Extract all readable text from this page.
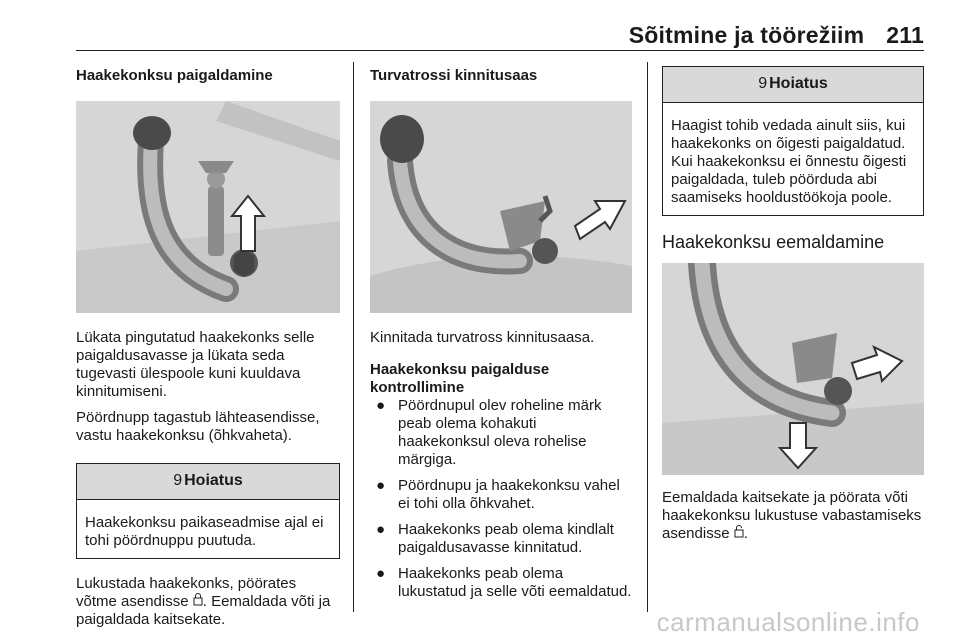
Sõitmine ja töörežiim 211
Haakekonksu paigaldamine

Lükata pingutatud haakekonks selle paigaldusavasse ja lükata seda tugevasti ülespoole kuni kuuldava kinnitumiseni.

Pöördnupp tagastub lähteasendisse, vastu haakekonksu (õhkvaheta).

9 Hoiatus
Haakekonksu paikaseadmise ajal ei tohi pöördnuppu puutuda.

Lukustada haakekonks, pöörates võtme asendisse . Eemaldada võti ja paigaldada kaitsekate.

Turvatrossi kinnitusaas

Kinnitada turvatross kinnitusaasa.

Haakekonksu paigalduse kontrollimine
● Pöördnupul olev roheline märk peab olema kohakuti haakekonksul oleva rohelise märgiga.
● Pöördnupu ja haakekonksu vahel ei tohi olla õhkvahet.
● Haakekonks peab olema kindlalt paigaldusavasse kinnitatud.
● Haakekonks peab olema lukustatud ja selle võti eemaldatud.
9 Hoiatus
Haagist tohib vedada ainult siis, kui haakekonks on õigesti paigaldatud. Kui haakekonksu ei õnnestu õigesti paigaldada, tuleb pöörduda abi saamiseks hooldustöökoja poole.
Haakekonksu eemaldamine

Eemaldada kaitsekate ja pöörata võti haakekonksu lukustuse vabastamiseks asendisse .

carmanualsonline.info
